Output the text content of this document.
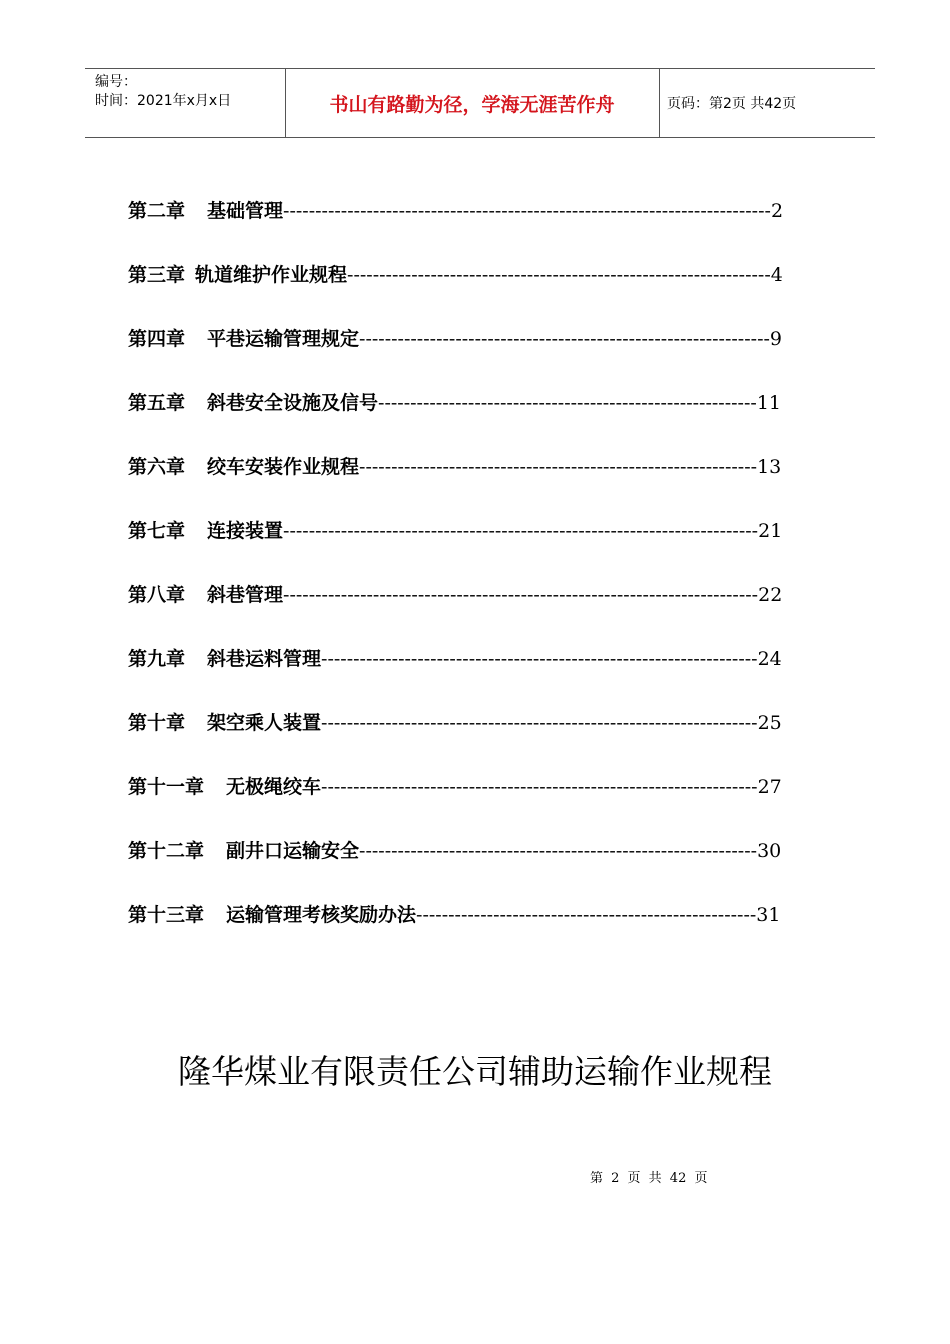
编号：
时间：2021年x月x日	书山有路勤为径，学海无涯苦作舟	页码：第2页 共42页
第二章 基础管理----------------------------------------------------------------------------2
第三章 轨道维护作业规程------------------------------------------------------------------4
第四章 平巷运输管理规定----------------------------------------------------------------9
第五章 斜巷安全设施及信号-----------------------------------------------------------11
第六章 绞车安装作业规程--------------------------------------------------------------13
第七章 连接装置--------------------------------------------------------------------------21
第八章 斜巷管理--------------------------------------------------------------------------22
第九章 斜巷运料管理--------------------------------------------------------------------24
第十章 架空乘人装置--------------------------------------------------------------------25
第十一章 无极绳绞车--------------------------------------------------------------------27
第十二章 副井口运输安全--------------------------------------------------------------30
第十三章 运输管理考核奖励办法-----------------------------------------------------31
隆华煤业有限责任公司辅助运输作业规程
第 2 页 共 42 页
